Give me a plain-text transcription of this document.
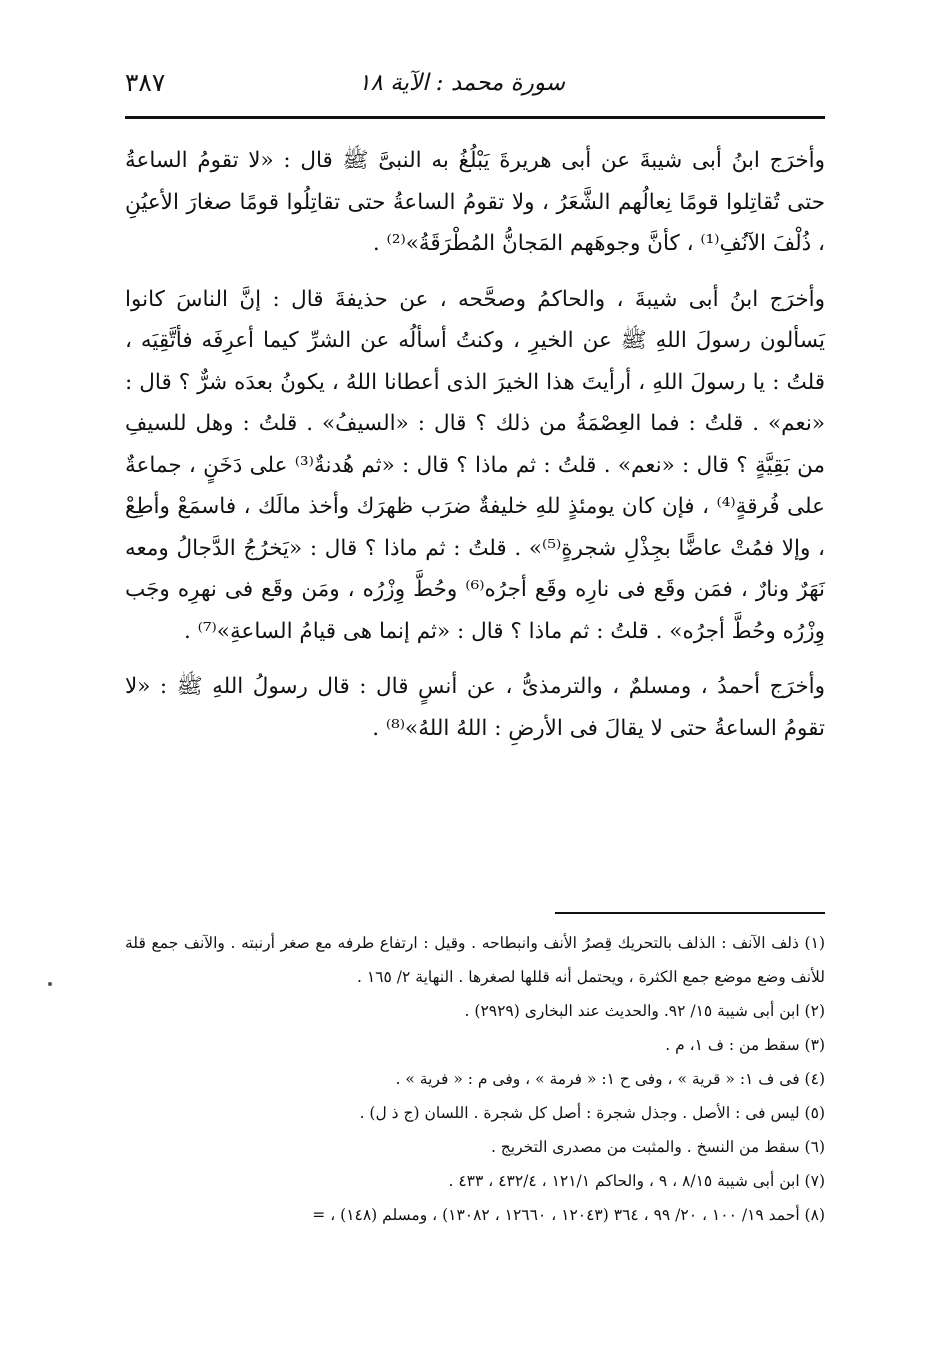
سورة محمد : الآية ١٨
٣٨٧

وأخرَج ابنُ أبى شيبةَ عن أبى هريرةَ يَبْلُغُ به النبىَّ ﷺ قال : «لا تقومُ الساعةُ حتى تُقاتِلوا قومًا نِعالُهم الشَّعَرُ ، ولا تقومُ الساعةُ حتى تقاتِلُوا قومًا صغارَ الأعيُنِ ، ذُلْفَ الآنُفِ⁽¹⁾ ، كأنَّ وجوهَهم المَجانُّ المُطْرَقَةُ»⁽²⁾ .

وأخرَج ابنُ أبى شيبةَ ، والحاكمُ وصحَّحه ، عن حذيفةَ قال : إنَّ الناسَ كانوا يَسألون رسولَ اللهِ ﷺ عن الخيرِ ، وكنتُ أسألُه عن الشرِّ كيما أعرِفَه فأتَّقِيَه ، قلتُ : يا رسولَ اللهِ ، أرأيتَ هذا الخيرَ الذى أعطانا اللهُ ، يكونُ بعدَه شرٌّ ؟ قال : «نعم» . قلتُ : فما العِصْمَةُ من ذلك ؟ قال : «السيفُ» . قلتُ : وهل للسيفِ من بَقِيَّةٍ ؟ قال : «نعم» . قلتُ : ثم ماذا ؟ قال : «ثم هُدنةٌ⁽³⁾ على دَخَنٍ ، جماعةٌ على فُرقةٍ⁽⁴⁾ ، فإن كان يومئذٍ للهِ خليفةٌ ضرَب ظهرَك وأخذ مالَك ، فاسمَعْ وأطِعْ ، وإلا فمُتْ عاضًّا بجِذْلِ شجرةٍ⁽⁵⁾» . قلتُ : ثم ماذا ؟ قال : «يَخرُجُ الدَّجالُ ومعه نَهَرٌ ونارٌ ، فمَن وقَع فى نارِه وقَع أجرُه⁽⁶⁾ وحُطَّ وِزْرُه ، ومَن وقَع فى نهرِه وجَب وِزْرُه وحُطَّ أجرُه» . قلتُ : ثم ماذا ؟ قال : «ثم إنما هى قيامُ الساعةِ»⁽⁷⁾ .

وأخرَج أحمدُ ، ومسلمٌ ، والترمذىُّ ، عن أنسٍ قال : قال رسولُ اللهِ ﷺ : «لا تقومُ الساعةُ حتى لا يقالَ فى الأرضِ : اللهُ اللهُ»⁽⁸⁾ .

(١) ذلف الآنف : الذلف بالتحريك قِصرُ الأنف وانبطاحه . وقيل : ارتفاع طرفه مع صغر أرنبته . والآنف جمع قلة للأنف وضع موضع جمع الكثرة ، ويحتمل أنه قللها لصغرها . النهاية ٢/ ١٦٥ .

(٢) ابن أبى شيبة ١٥/ ٩٢. والحديث عند البخارى (٢٩٢٩) .

(٣) سقط من : ف ١، م .

(٤) فى ف ١: « قرية » ، وفى ح ١: « فرمة » ، وفى م : « فرية » .

(٥) ليس فى : الأصل . وجذل شجرة : أصل كل شجرة . اللسان (ج ذ ل) .

(٦) سقط من النسخ . والمثبت من مصدرى التخريج .

(٧) ابن أبى شيبة ٨/١٥ ، ٩ ، والحاكم ١٢١/١ ، ٤٣٢/٤ ، ٤٣٣ .

(٨) أحمد ١٩/ ١٠٠ ، ٢٠/ ٩٩ ، ٣٦٤ (١٢٠٤٣ ، ١٢٦٦٠ ، ١٣٠٨٢) ، ومسلم (١٤٨) ، =
